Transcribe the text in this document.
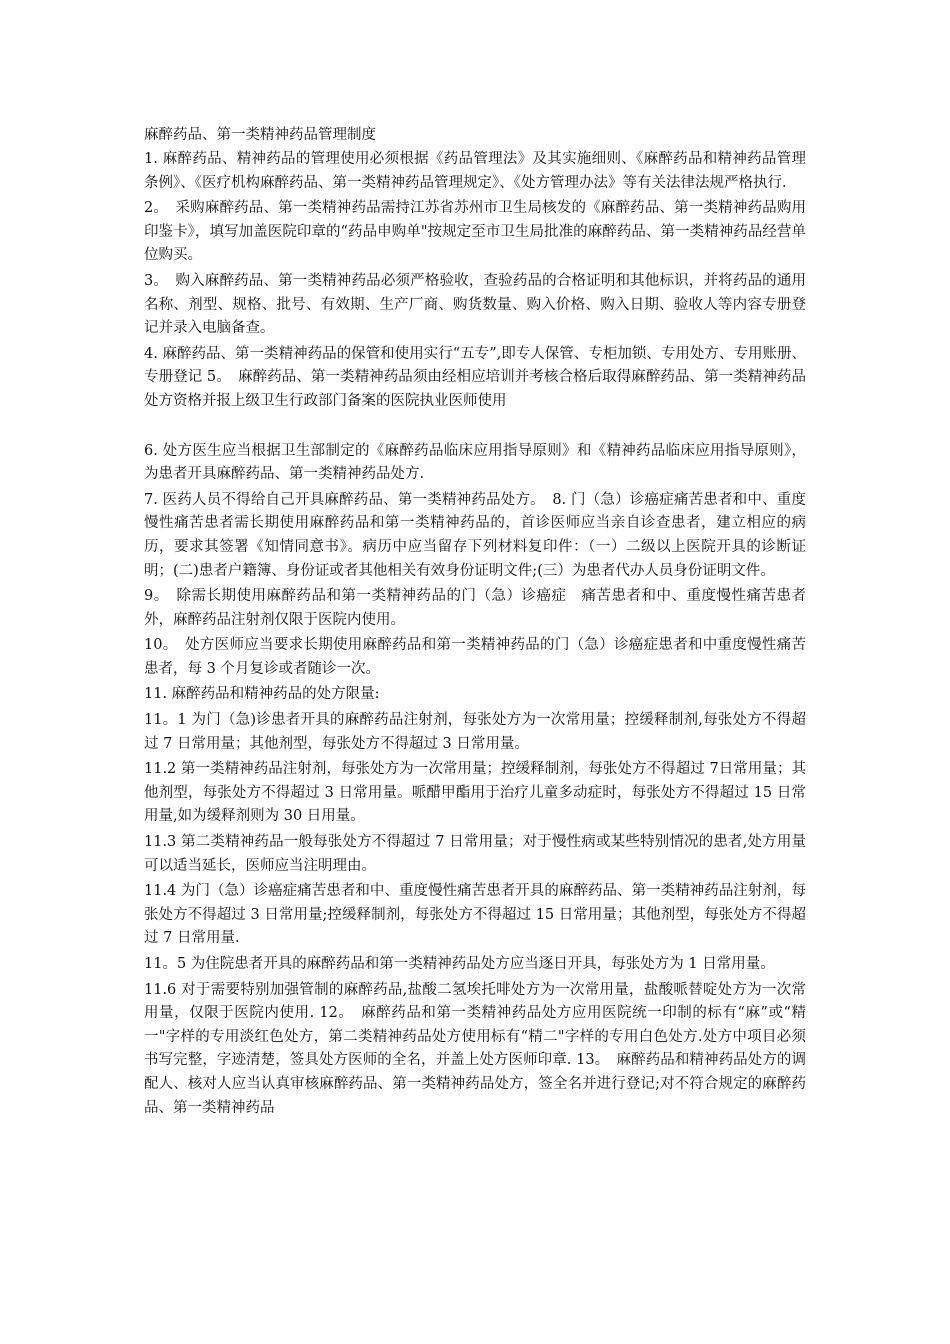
麻醉药品、第一类精神药品管理制度
1. 麻醉药品、精神药品的管理使用必须根据《药品管理法》及其实施细则、《麻醉药品和精神药品管理条例》、《医疗机构麻醉药品、第一类精神药品管理规定》、《处方管理办法》等有关法律法规严格执行.
2。　采购麻醉药品、第一类精神药品需持江苏省苏州市卫生局核发的《麻醉药品、第一类精神药品购用印鉴卡》，填写加盖医院印章的“药品申购单"按规定至市卫生局批准的麻醉药品、第一类精神药品经营单位购买。
3。　购入麻醉药品、第一类精神药品必须严格验收，查验药品的合格证明和其他标识，并将药品的通用名称、剂型、规格、批号、有效期、生产厂商、购货数量、购入价格、购入日期、验收人等内容专册登记并录入电脑备查。
4. 麻醉药品、第一类精神药品的保管和使用实行“五专”,即专人保管、专柜加锁、专用处方、专用账册、专册登记 5。　麻醉药品、第一类精神药品须由经相应培训并考核合格后取得麻醉药品、第一类精神药品处方资格并报上级卫生行政部门备案的医院执业医师使用
6. 处方医生应当根据卫生部制定的《麻醉药品临床应用指导原则》和《精神药品临床应用指导原则》，为患者开具麻醉药品、第一类精神药品处方.
7. 医药人员不得给自己开具麻醉药品、第一类精神药品处方。　8. 门（急）诊癌症痛苦患者和中、重度慢性痛苦患者需长期使用麻醉药品和第一类精神药品的，首诊医师应当亲自诊查患者，建立相应的病历，要求其签署《知情同意书》。病历中应当留存下列材料复印件：（一）二级以上医院开具的诊断证明；(二)患者户籍簿、身份证或者其他相关有效身份证明文件;(三）为患者代办人员身份证明文件。
9。　除需长期使用麻醉药品和第一类精神药品的门（急）诊癌症　痛苦患者和中、重度慢性痛苦患者外，麻醉药品注射剂仅限于医院内使用。
10。　处方医师应当要求长期使用麻醉药品和第一类精神药品的门（急）诊癌症患者和中重度慢性痛苦患者，每 3 个月复诊或者随诊一次。
11. 麻醉药品和精神药品的处方限量:
11。1 为门（急)诊患者开具的麻醉药品注射剂，每张处方为一次常用量；控缓释制剂,每张处方不得超过 7 日常用量；其他剂型，每张处方不得超过 3 日常用量。
11.2 第一类精神药品注射剂，每张处方为一次常用量；控缓释制剂，每张处方不得超过 7日常用量；其他剂型，每张处方不得超过 3 日常用量。哌醋甲酯用于治疗儿童多动症时，每张处方不得超过 15 日常用量,如为缓释剂则为 30 日用量。
11.3 第二类精神药品一般每张处方不得超过 7 日常用量；对于慢性病或某些特别情况的患者,处方用量可以适当延长，医师应当注明理由。
11.4 为门（急）诊癌症痛苦患者和中、重度慢性痛苦患者开具的麻醉药品、第一类精神药品注射剂，每张处方不得超过 3 日常用量;控缓释制剂，每张处方不得超过 15 日常用量；其他剂型，每张处方不得超过 7 日常用量.
11。5 为住院患者开具的麻醉药品和第一类精神药品处方应当逐日开具，每张处方为 1 日常用量。
11.6 对于需要特别加强管制的麻醉药品,盐酸二氢埃托啡处方为一次常用量，盐酸哌替啶处方为一次常用量，仅限于医院内使用. 12。　麻醉药品和第一类精神药品处方应用医院统一印制的标有“麻”或“精一"字样的专用淡红色处方，第二类精神药品处方使用标有“精二"字样的专用白色处方.处方中项目必须书写完整，字迹清楚，签具处方医师的全名，并盖上处方医师印章. 13。　麻醉药品和精神药品处方的调配人、核对人应当认真审核麻醉药品、第一类精神药品处方，签全名并进行登记;对不符合规定的麻醉药品、第一类精神药品
